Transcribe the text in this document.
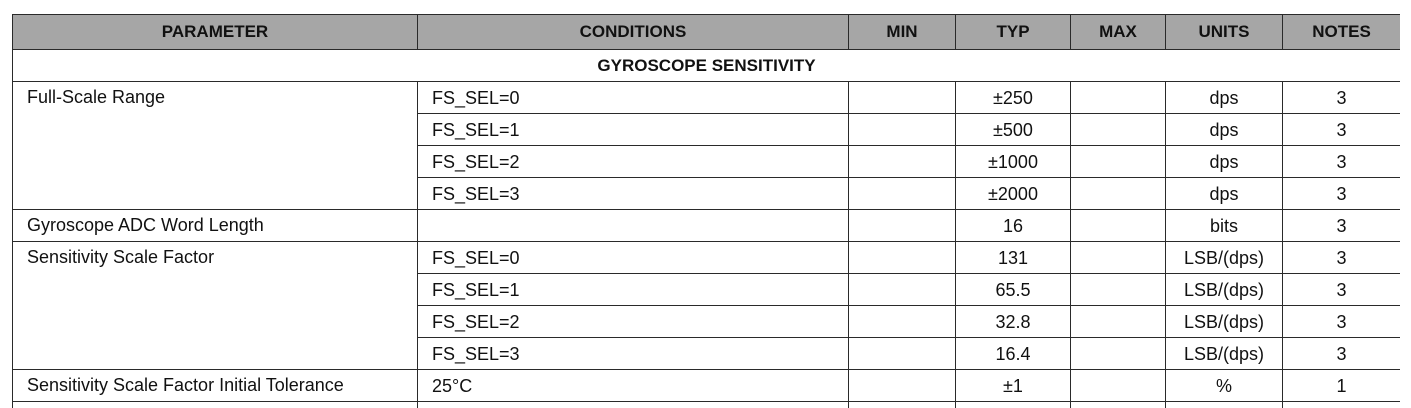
PARAMETER	CONDITIONS	MIN	TYP	MAX	UNITS	NOTES
GYROSCOPE SENSITIVITY						
Full-Scale Range	FS_SEL=0		±250		dps	3
	FS_SEL=1		±500		dps	3
	FS_SEL=2		±1000		dps	3
	FS_SEL=3		±2000		dps	3
Gyroscope ADC Word Length			16		bits	3
Sensitivity Scale Factor	FS_SEL=0		131		LSB/(dps)	3
	FS_SEL=1		65.5		LSB/(dps)	3
	FS_SEL=2		32.8		LSB/(dps)	3
	FS_SEL=3		16.4		LSB/(dps)	3
Sensitivity Scale Factor Initial Tolerance	25°C		±1		%	1
